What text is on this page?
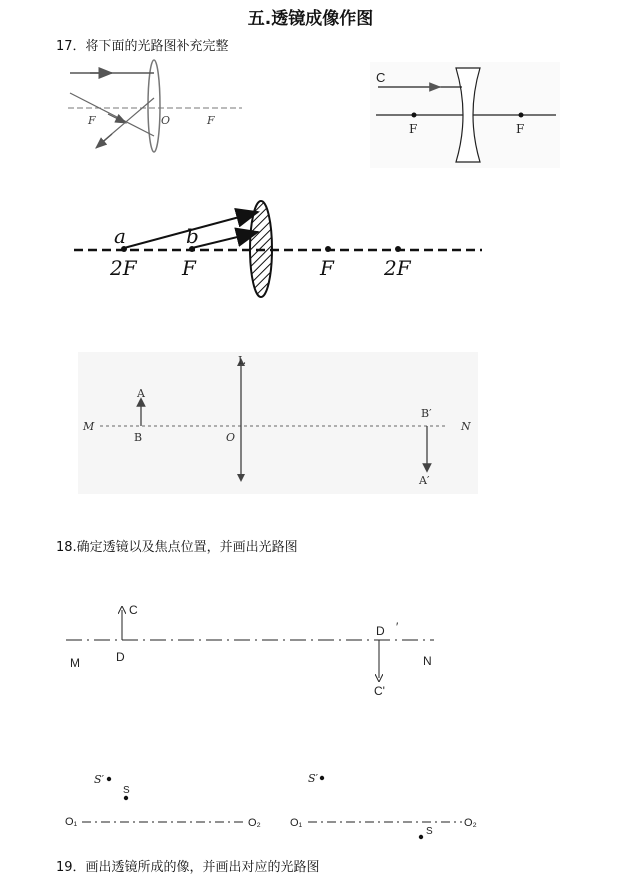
五.透镜成像作图
17．将下面的光路图补充完整
F	O	F
C
F	F
a	b
2F F	F	2F
L
A
B
M
O
B′
N
A′
18.确定透镜以及焦点位置，并画出光路图
C
D
M
D ′
N
C'
S′
S
O₁	O₂
S′
S
O₁	O₂
19．画出透镜所成的像，并画出对应的光路图
